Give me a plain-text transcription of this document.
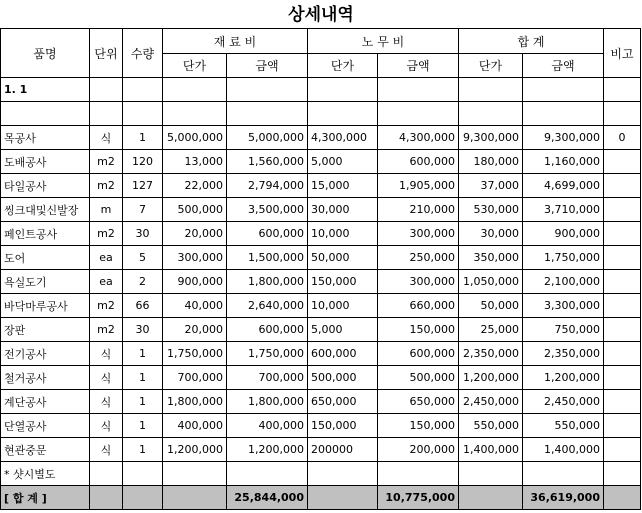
상세내역
품명	단위	수량	재 료 비		노 무 비		합 계		비고
			단가	금액	단가	금액	단가	금액	
1. 1									

목공사	식	1	5,000,000	5,000,000	4,300,000	4,300,000	9,300,000	9,300,000	0
도배공사	m2	120	13,000	1,560,000	5,000	600,000	180,000	1,160,000	
타일공사	m2	127	22,000	2,794,000	15,000	1,905,000	37,000	4,699,000	
씽크대및신발장	m	7	500,000	3,500,000	30,000	210,000	530,000	3,710,000	
페인트공사	m2	30	20,000	600,000	10,000	300,000	30,000	900,000	
도어	ea	5	300,000	1,500,000	50,000	250,000	350,000	1,750,000	
욕실도기	ea	2	900,000	1,800,000	150,000	300,000	1,050,000	2,100,000	
바닥마루공사	m2	66	40,000	2,640,000	10,000	660,000	50,000	3,300,000	
장판	m2	30	20,000	600,000	5,000	150,000	25,000	750,000	
전기공사	식	1	1,750,000	1,750,000	600,000	600,000	2,350,000	2,350,000	
철거공사	식	1	700,000	700,000	500,000	500,000	1,200,000	1,200,000	
계단공사	식	1	1,800,000	1,800,000	650,000	650,000	2,450,000	2,450,000	
단열공사	식	1	400,000	400,000	150,000	150,000	550,000	550,000	
현관중문	식	1	1,200,000	1,200,000	200000	200,000	1,400,000	1,400,000	
* 샷시별도									
[ 합 계 ]				25,844,000		10,775,000		36,619,000	
